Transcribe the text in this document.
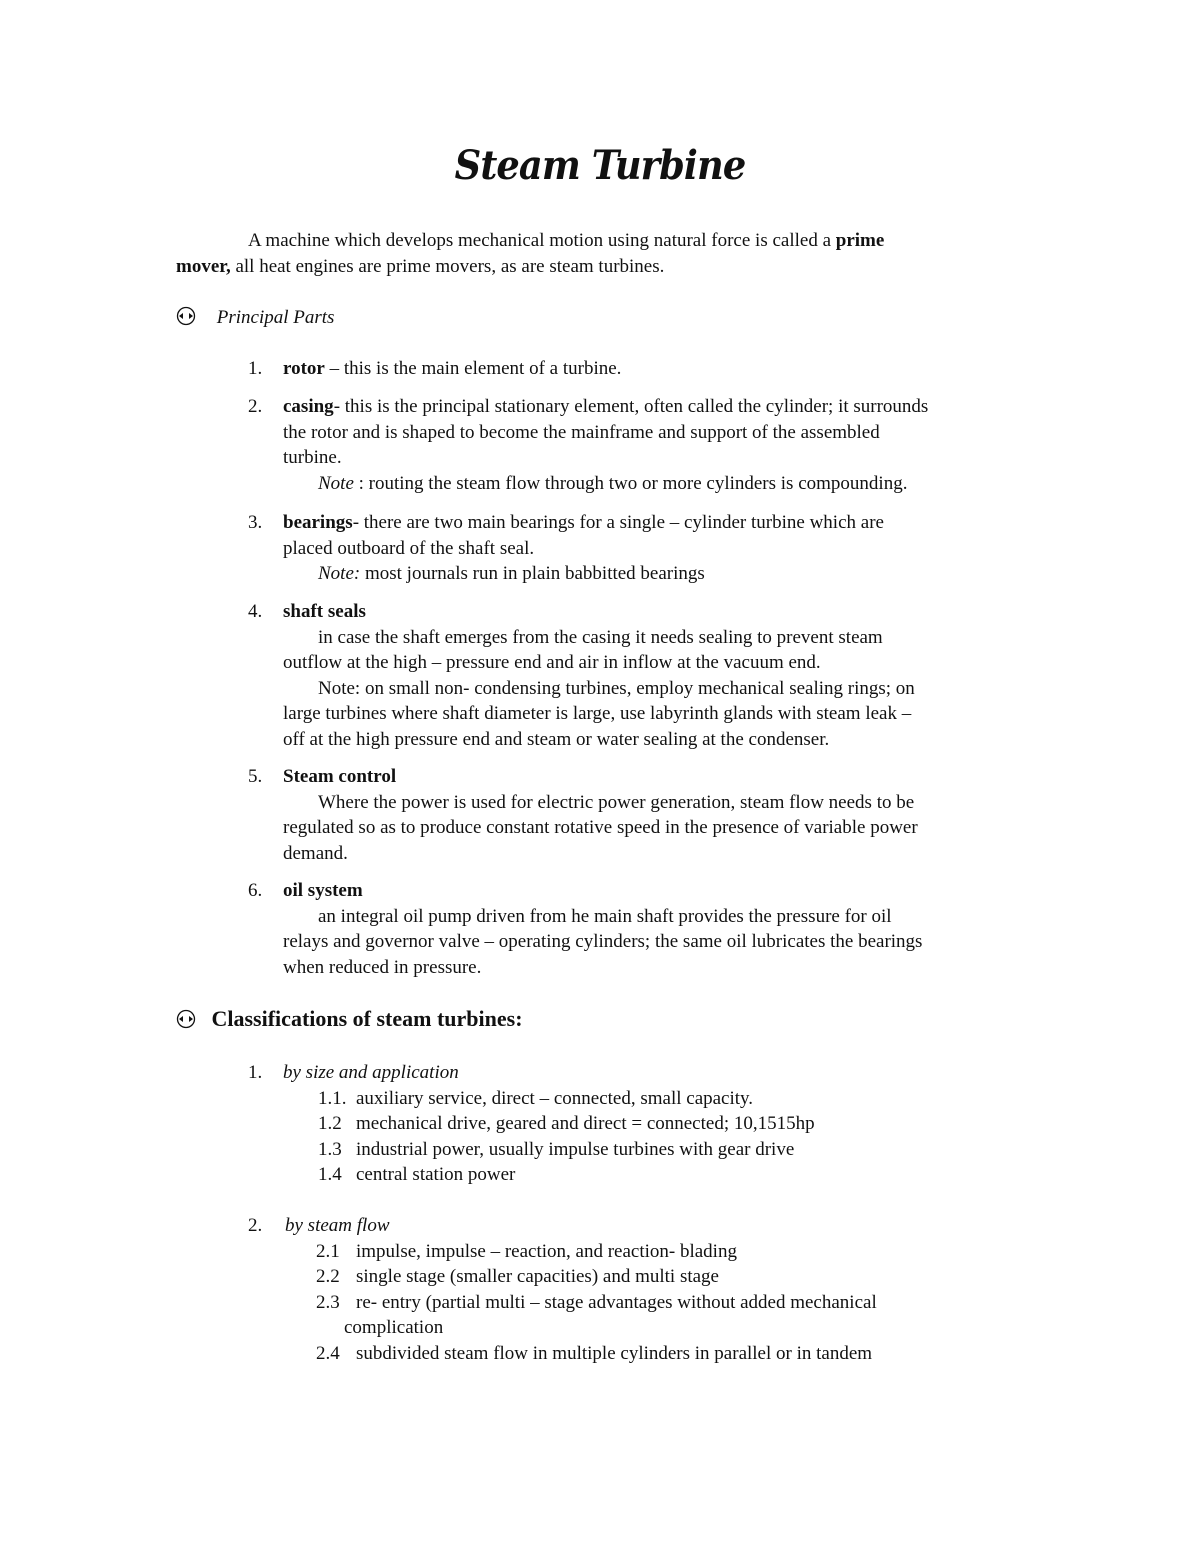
Steam Turbine
A machine which develops mechanical motion using natural force is called a prime
mover, all heat engines are prime movers, as are steam turbines.
Principal Parts
1. rotor – this is the main element of a turbine.
2. casing- this is the principal stationary element, often called the cylinder; it surrounds
the rotor and is shaped to become the mainframe and support of the assembled
turbine.
Note : routing the steam flow through two or more cylinders is compounding.
3. bearings- there are two main bearings for a single – cylinder turbine which are
placed outboard of the shaft seal.
Note: most journals run in plain babbitted bearings
4. shaft seals
in case the shaft emerges from the casing it needs sealing to prevent steam
outflow at the high – pressure end and air in inflow at the vacuum end.
Note: on small non- condensing turbines, employ mechanical sealing rings; on
large turbines where shaft diameter is large, use labyrinth glands with steam leak –
off at the high pressure end and steam or water sealing at the condenser.
5. Steam control
Where the power is used for electric power generation, steam flow needs to be
regulated so as to produce constant rotative speed in the presence of variable power
demand.
6. oil system
an integral oil pump driven from he main shaft provides the pressure for oil
relays and governor valve – operating cylinders; the same oil lubricates the bearings
when reduced in pressure.
Classifications of steam turbines:
1. by size and application
1.1. auxiliary service, direct – connected, small capacity.
1.2 mechanical drive, geared and direct = connected; 10,1515hp
1.3 industrial power, usually impulse turbines with gear drive
1.4 central station power
2. by steam flow
2.1 impulse, impulse – reaction, and reaction- blading
2.2 single stage (smaller capacities) and multi stage
2.3 re- entry (partial multi – stage advantages without added mechanical
complication
2.4 subdivided steam flow in multiple cylinders in parallel or in tandem
